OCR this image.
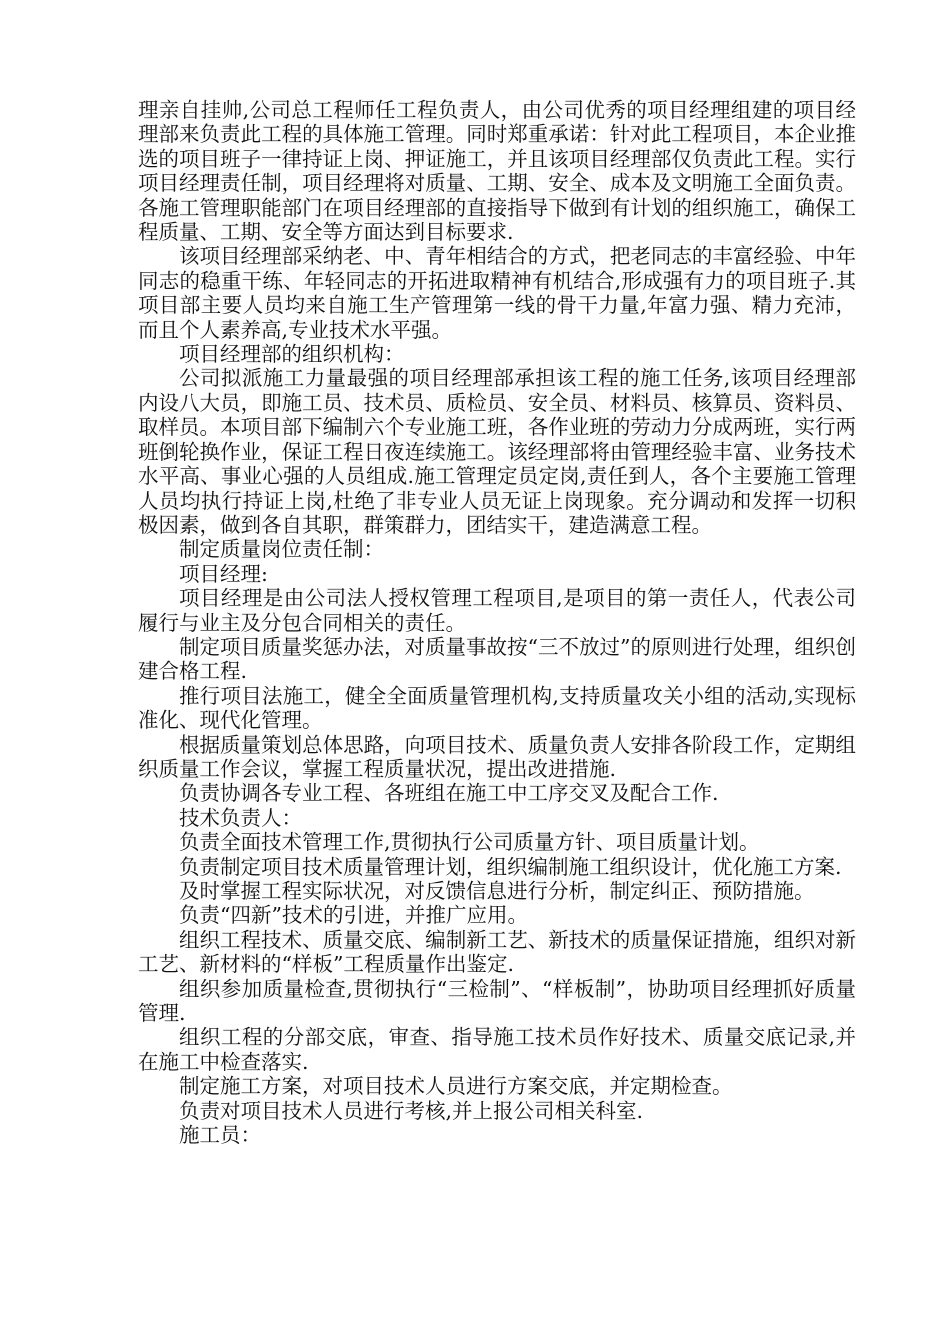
理亲自挂帅,公司总工程师任工程负责人，由公司优秀的项目经理组建的项目经理部来负责此工程的具体施工管理。同时郑重承诺：针对此工程项目，本企业推选的项目班子一律持证上岗、押证施工，并且该项目经理部仅负责此工程。实行项目经理责任制，项目经理将对质量、工期、安全、成本及文明施工全面负责。各施工管理职能部门在项目经理部的直接指导下做到有计划的组织施工，确保工程质量、工期、安全等方面达到目标要求.

该项目经理部采纳老、中、青年相结合的方式，把老同志的丰富经验、中年同志的稳重干练、年轻同志的开拓进取精神有机结合,形成强有力的项目班子.其项目部主要人员均来自施工生产管理第一线的骨干力量,年富力强、精力充沛，而且个人素养高,专业技术水平强。

项目经理部的组织机构：

公司拟派施工力量最强的项目经理部承担该工程的施工任务,该项目经理部内设八大员，即施工员、技术员、质检员、安全员、材料员、核算员、资料员、取样员。本项目部下编制六个专业施工班，各作业班的劳动力分成两班，实行两班倒轮换作业，保证工程日夜连续施工。该经理部将由管理经验丰富、业务技术水平高、事业心强的人员组成.施工管理定员定岗,责任到人，各个主要施工管理人员均执行持证上岗,杜绝了非专业人员无证上岗现象。充分调动和发挥一切积极因素，做到各自其职，群策群力，团结实干，建造满意工程。

制定质量岗位责任制：

项目经理:

项目经理是由公司法人授权管理工程项目,是项目的第一责任人，代表公司履行与业主及分包合同相关的责任。

制定项目质量奖惩办法，对质量事故按“三不放过”的原则进行处理，组织创建合格工程.

推行项目法施工，健全全面质量管理机构,支持质量攻关小组的活动,实现标准化、现代化管理。

根据质量策划总体思路，向项目技术、质量负责人安排各阶段工作，定期组织质量工作会议，掌握工程质量状况，提出改进措施.

负责协调各专业工程、各班组在施工中工序交叉及配合工作.

技术负责人：

负责全面技术管理工作,贯彻执行公司质量方针、项目质量计划。

负责制定项目技术质量管理计划，组织编制施工组织设计，优化施工方案.

及时掌握工程实际状况，对反馈信息进行分析，制定纠正、预防措施。

负责“四新”技术的引进，并推广应用。

组织工程技术、质量交底、编制新工艺、新技术的质量保证措施，组织对新工艺、新材料的“样板”工程质量作出鉴定.

组织参加质量检查,贯彻执行“三检制”、“样板制”，协助项目经理抓好质量管理.

组织工程的分部交底，审查、指导施工技术员作好技术、质量交底记录,并在施工中检查落实.

制定施工方案，对项目技术人员进行方案交底，并定期检查。

负责对项目技术人员进行考核,并上报公司相关科室.

施工员：
